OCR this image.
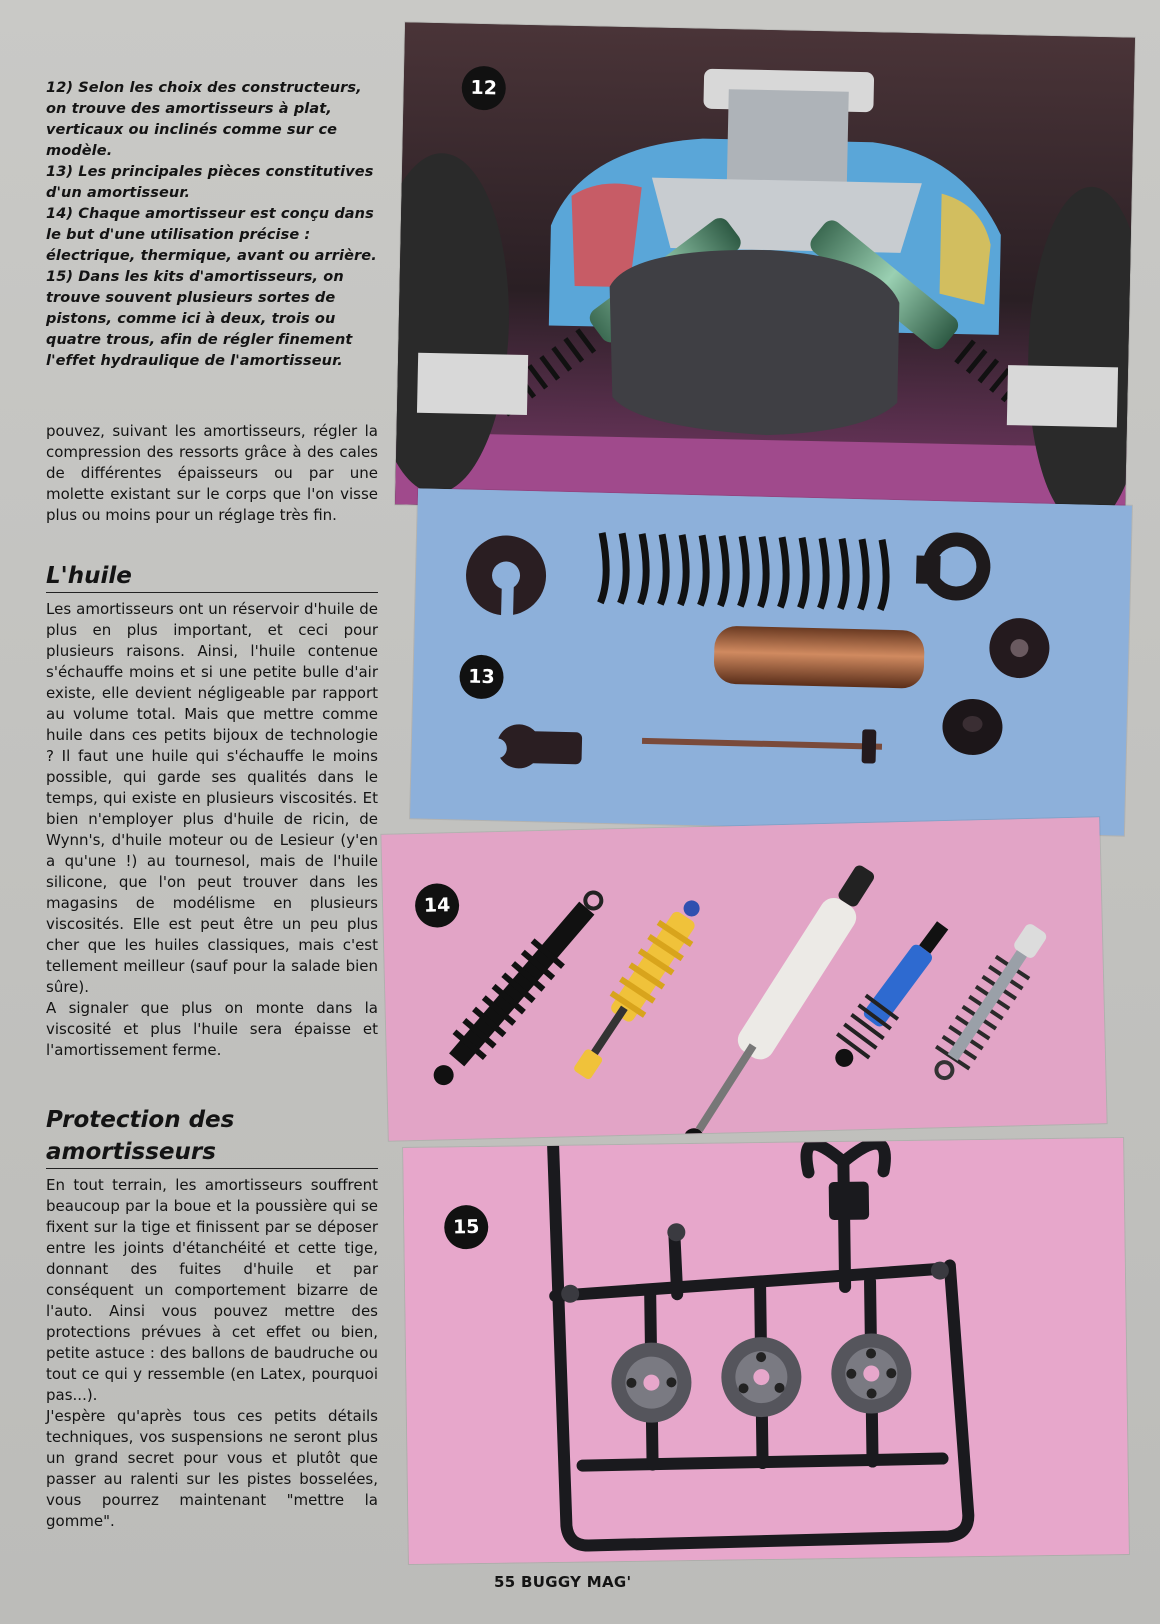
12) Selon les choix des constructeurs, on trouve des amortisseurs à plat, verticaux ou inclinés comme sur ce modèle.

13) Les principales pièces constitutives d'un amortisseur.

14) Chaque amortisseur est conçu dans le but d'une utilisation précise : électrique, thermique, avant ou arrière.

15) Dans les kits d'amortisseurs, on trouve souvent plusieurs sortes de pistons, comme ici à deux, trois ou quatre trous, afin de régler finement l'effet hydraulique de l'amortisseur.

pouvez, suivant les amortisseurs, régler la compression des ressorts grâce à des cales de différentes épaisseurs ou par une molette existant sur le corps que l'on visse plus ou moins pour un réglage très fin.

L'huile

Les amortisseurs ont un réservoir d'huile de plus en plus important, et ceci pour plusieurs raisons. Ainsi, l'huile contenue s'échauffe moins et si une petite bulle d'air existe, elle devient négligeable par rapport au volume total. Mais que mettre comme huile dans ces petits bijoux de technologie ? Il faut une huile qui s'échauffe le moins possible, qui garde ses qualités dans le temps, qui existe en plusieurs viscosités. Et bien n'employer plus d'huile de ricin, de Wynn's, d'huile moteur ou de Lesieur (y'en a qu'une !) au tournesol, mais de l'huile silicone, que l'on peut trouver dans les magasins de modélisme en plusieurs viscosités. Elle est peut être un peu plus cher que les huiles classiques, mais c'est tellement meilleur (sauf pour la salade bien sûre).

A signaler que plus on monte dans la viscosité et plus l'huile sera épaisse et l'amortissement ferme.

Protection des amortisseurs

En tout terrain, les amortisseurs souffrent beaucoup par la boue et la poussière qui se fixent sur la tige et finissent par se déposer entre les joints d'étanchéité et cette tige, donnant des fuites d'huile et par conséquent un comportement bizarre de l'auto. Ainsi vous pouvez mettre des protections prévues à cet effet ou bien, petite astuce : des ballons de baudruche ou tout ce qui y ressemble (en Latex, pourquoi pas...).

J'espère qu'après tous ces petits détails techniques, vos suspensions ne seront plus un grand secret pour vous et plutôt que passer au ralenti sur les pistes bosselées, vous pourrez maintenant "mettre la gomme".

12
13
14
15
55 BUGGY MAG'
